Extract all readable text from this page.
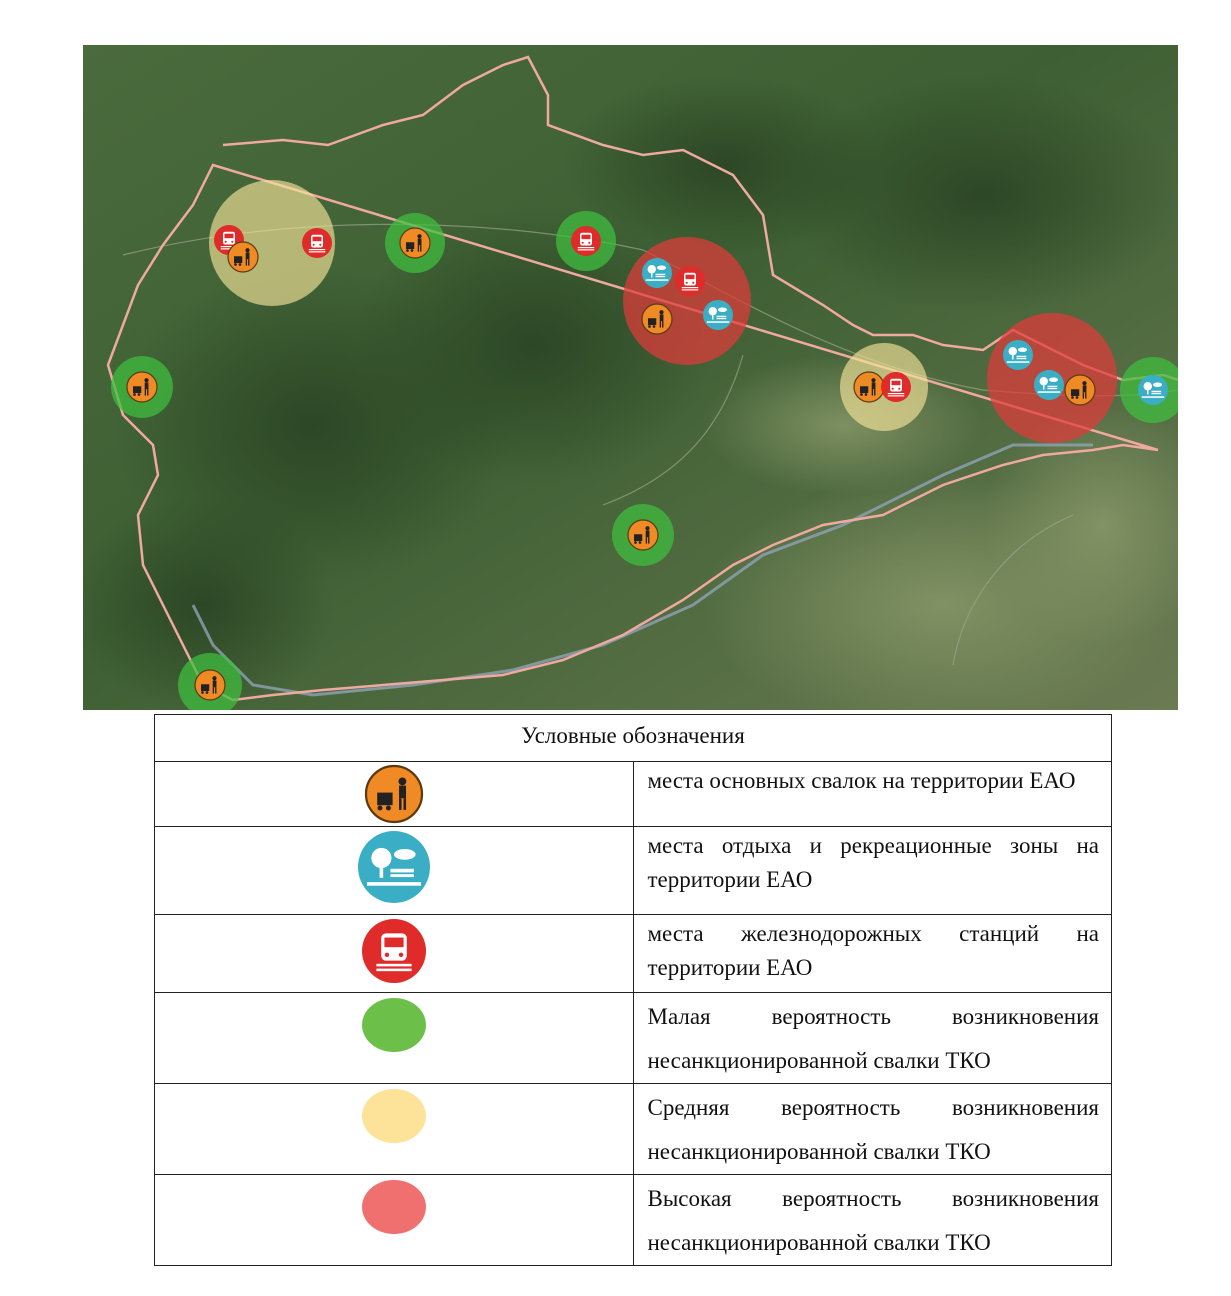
Условные обозначения	

	места основных свалок на территории ЕАО

	места отдыха и рекреационные зоны на территории ЕАО

	места железнодорожных станций на территории ЕАО

	Малая вероятность возникновения несанкционированной свалки ТКО

	Средняя вероятность возникновения несанкционированной свалки ТКО

	Высокая вероятность возникновения несанкционированной свалки ТКО
